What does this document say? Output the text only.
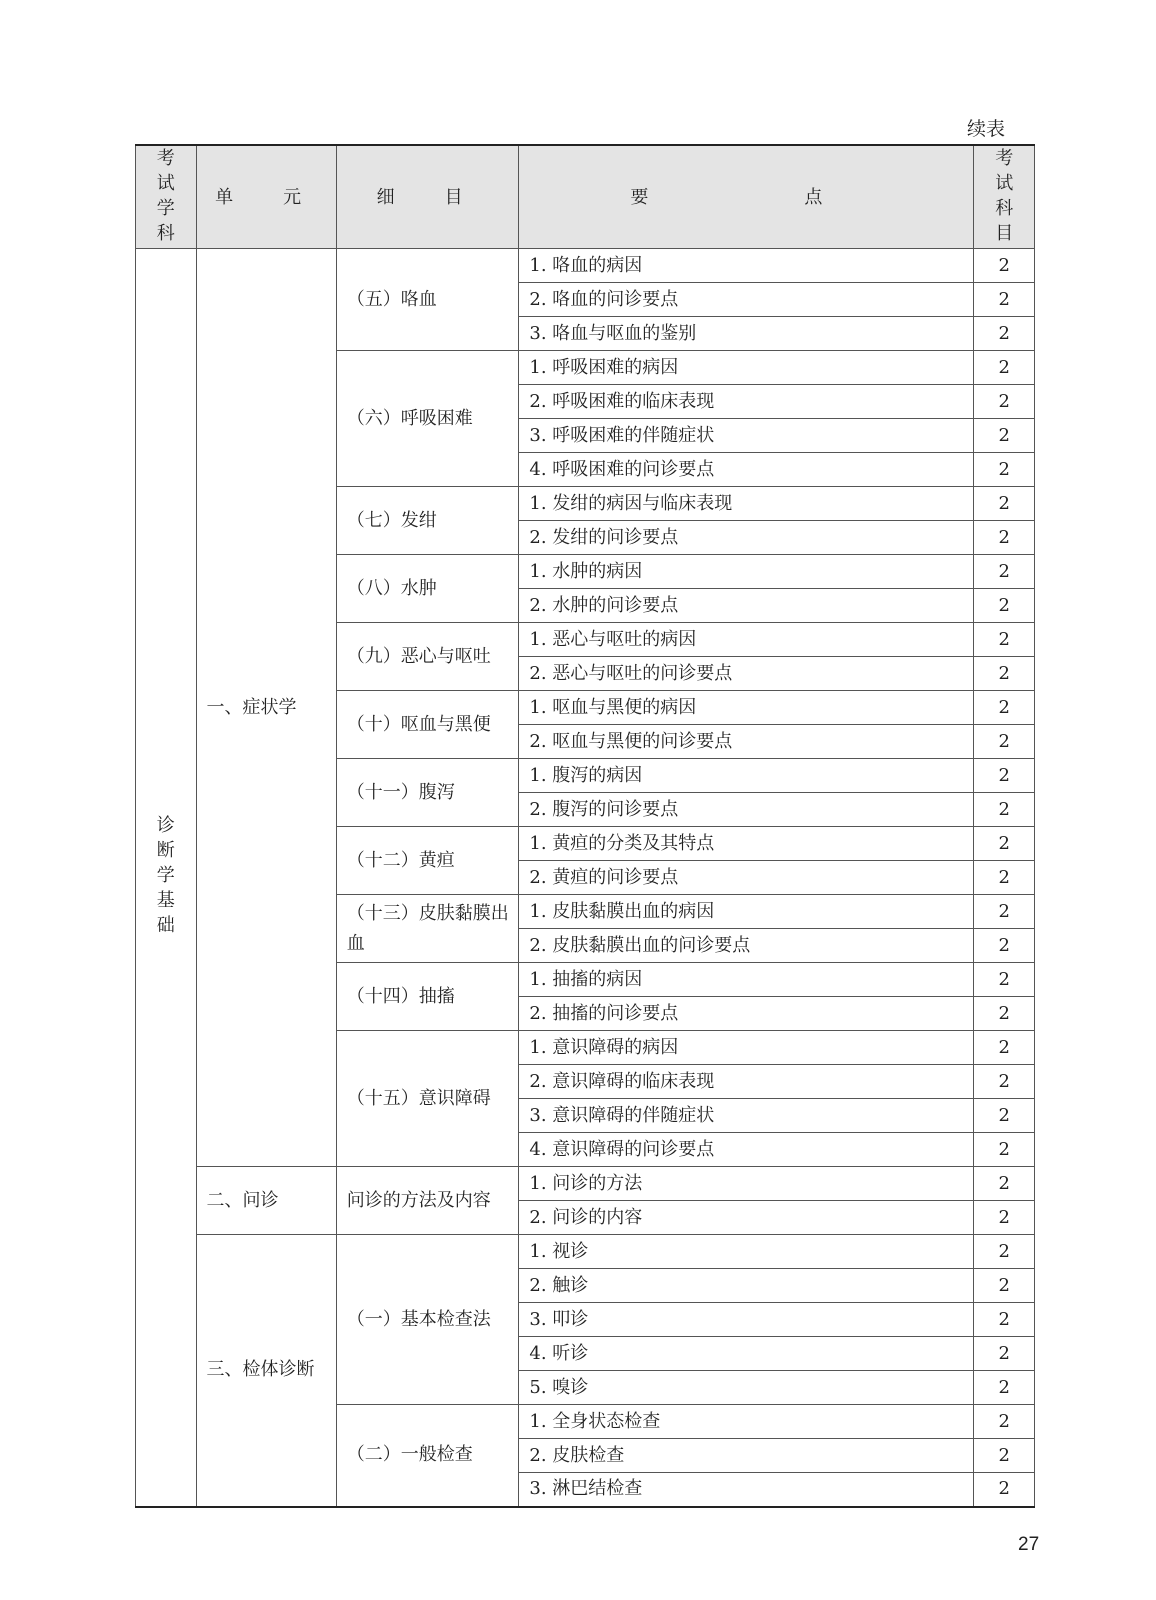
续表
考试学科	单　元	细　目	要　　点	考试科目
诊断学基础	一、症状学	（五）咯血	1. 咯血的病因	2
			2. 咯血的问诊要点	2
			3. 咯血与呕血的鉴别	2
		（六）呼吸困难	1. 呼吸困难的病因	2
			2. 呼吸困难的临床表现	2
			3. 呼吸困难的伴随症状	2
			4. 呼吸困难的问诊要点	2
		（七）发绀	1. 发绀的病因与临床表现	2
			2. 发绀的问诊要点	2
		（八）水肿	1. 水肿的病因	2
			2. 水肿的问诊要点	2
		（九）恶心与呕吐	1. 恶心与呕吐的病因	2
			2. 恶心与呕吐的问诊要点	2
		（十）呕血与黑便	1. 呕血与黑便的病因	2
			2. 呕血与黑便的问诊要点	2
		（十一）腹泻	1. 腹泻的病因	2
			2. 腹泻的问诊要点	2
		（十二）黄疸	1. 黄疸的分类及其特点	2
			2. 黄疸的问诊要点	2
		（十三）皮肤黏膜出血	1. 皮肤黏膜出血的病因	2
			2. 皮肤黏膜出血的问诊要点	2
		（十四）抽搐	1. 抽搐的病因	2
			2. 抽搐的问诊要点	2
		（十五）意识障碍	1. 意识障碍的病因	2
			2. 意识障碍的临床表现	2
			3. 意识障碍的伴随症状	2
			4. 意识障碍的问诊要点	2
	二、问诊	问诊的方法及内容	1. 问诊的方法	2
			2. 问诊的内容	2
	三、检体诊断	（一）基本检查法	1. 视诊	2
			2. 触诊	2
			3. 叩诊	2
			4. 听诊	2
			5. 嗅诊	2
		（二）一般检查	1. 全身状态检查	2
			2. 皮肤检查	2
			3. 淋巴结检查	2
27
